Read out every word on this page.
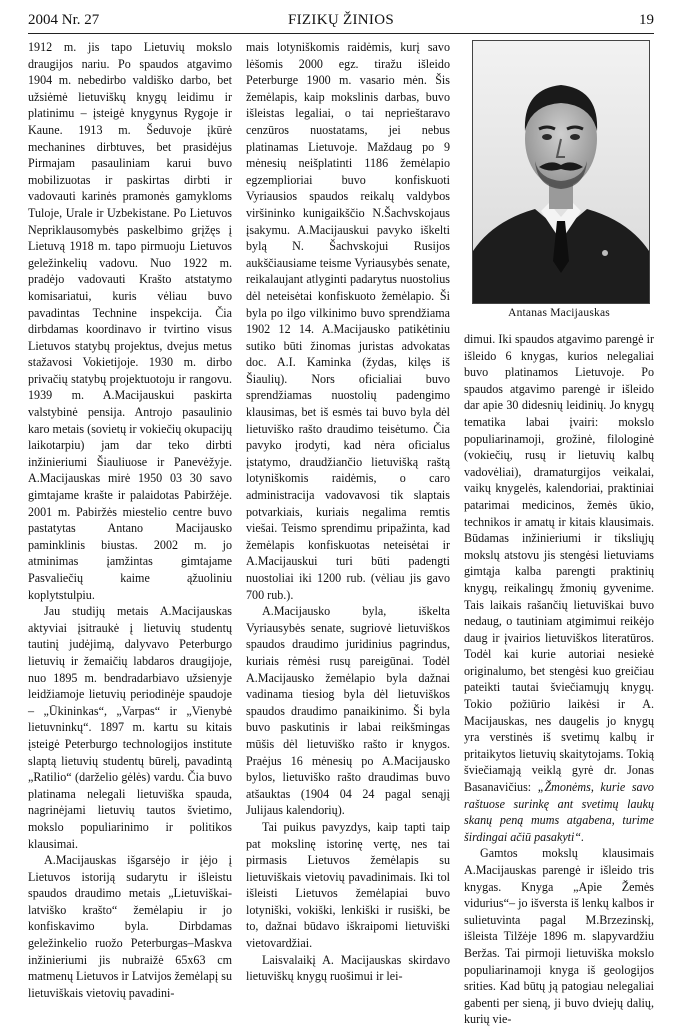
2004 Nr. 27	FIZIKŲ ŽINIOS	19

1912 m. jis tapo Lietuvių mokslo draugijos nariu. Po spaudos atgavimo 1904 m. nebedirbo valdiško darbo, bet užsiėmė lietuviškų knygų leidimu ir platinimu – įsteigė knygynus Rygoje ir Kaune. 1913 m. Šeduvoje įkūrė mechanines dirbtuves, bet prasidėjus Pirmajam pasauliniam karui buvo mobilizuotas ir paskirtas dirbti ir vadovauti karinės pramonės gamykloms Tuloje, Urale ir Uzbekistane. Po Lietuvos Nepriklausomybės paskelbimo grįžęs į Lietuvą 1918 m. tapo pirmuoju Lietuvos geležinkelių vadovu. Nuo 1922 m. pradėjo vadovauti Krašto atstatymo komisariatui, kuris vėliau buvo pavadintas Technine inspekcija. Čia dirbdamas koordinavo ir tvirtino visus Lietuvos statybų projektus, dvejus metus stažavosi Vokietijoje. 1930 m. dirbo privačių statybų projektuotoju ir rangovu. 1939 m. A.Macijauskui paskirta valstybinė pensija. Antrojo pasaulinio karo metais (sovietų ir vokiečių okupacijų laikotarpiu) jam dar teko dirbti inžinieriumi Šiauliuose ir Panevėžyje. A.Macijauskas mirė 1950 03 30 savo gimtajame krašte ir palaidotas Pabiržėje. 2001 m. Pabiržės miestelio centre buvo pastatytas Antano Macijausko paminklinis biustas. 2002 m. jo atminimas įamžintas gimtajame Pasvaliečių kaime ąžuoliniu koplytstulpiu.

Jau studijų metais A.Macijauskas aktyviai įsitraukė į lietuvių studentų tautinį judėjimą, dalyvavo Peterburgo lietuvių ir žemaičių labdaros draugijoje, nuo 1895 m. bendradarbiavo užsienyje leidžiamoje lietuvių periodinėje spaudoje – „Ūkininkas“, „Varpas“ ir „Vienybė lietuvninkų“. 1897 m. kartu su kitais įsteigė Peterburgo technologijos institute slaptą lietuvių studentų būrelį, pavadintą „Ratilio“ (darželio gėlės) vardu. Čia buvo platinama nelegali lietuviška spauda, nagrinėjami lietuvių tautos švietimo, mokslo populiarinimo ir politikos klausimai.

A.Macijauskas išgarsėjo ir įėjo į Lietuvos istoriją sudarytu ir išleistu spaudos draudimo metais „Lietuviškai-latviško krašto“ žemėlapiu ir jo konfiskavimo byla. Dirbdamas geležinkelio ruožo Peterburgas–Maskva inžinieriumi jis nubraižė 65x63 cm matmenų Lietuvos ir Latvijos žemėlapį su lietuviškais vietovių pavadini-

mais lotyniškomis raidėmis, kurį savo lėšomis 2000 egz. tiražu išleido Peterburge 1900 m. vasario mėn. Šis žemėlapis, kaip mokslinis darbas, buvo išleistas legaliai, o tai neprieštaravo cenzūros nuostatams, jei nebus platinamas Lietuvoje. Maždaug po 9 mėnesių neišplatinti 1186 žemėlapio egzemplioriai buvo konfiskuoti Vyriausios spaudos reikalų valdybos viršininko kunigaikščio N.Šachvskojaus įsakymu. A.Macijauskui pavyko iškelti bylą N. Šachvskojui Rusijos aukščiausiame teisme Vyriausybės senate, reikalaujant atlyginti padarytus nuostolius dėl neteisėtai konfiskuoto žemėlapio. Ši byla po ilgo vilkinimo buvo sprendžiama 1902 12 14. A.Macijausko patikėtiniu sutiko būti žinomas juristas advokatas doc. A.I. Kaminka (žydas, kilęs iš Šiaulių). Nors oficialiai buvo sprendžiamas nuostolių padengimo klausimas, bet iš esmės tai buvo byla dėl lietuviško rašto draudimo teisėtumo. Čia pavyko įrodyti, kad nėra oficialus įstatymo, draudžiančio lietuvišką raštą lotyniškomis raidėmis, o caro administracija vadovavosi tik slaptais potvarkiais, kuriais negalima remtis viešai. Teismo sprendimu pripažinta, kad žemėlapis konfiskuotas neteisėtai ir A.Macijauskui turi būti padengti nuostoliai iki 1200 rub. (vėliau jis gavo 700 rub.).

A.Macijausko byla, iškelta Vyriausybės senate, sugriovė lietuviškos spaudos draudimo juridinius pagrindus, kuriais rėmėsi rusų pareigūnai. Todėl A.Macijausko žemėlapio byla dažnai vadinama tiesiog byla dėl lietuviškos spaudos draudimo panaikinimo. Ši byla buvo paskutinis ir labai reikšmingas mūšis dėl lietuviško rašto ir knygos. Praėjus 16 mėnesių po A.Macijausko bylos, lietuviško rašto draudimas buvo atšauktas (1904 04 24 pagal senąjį Julijaus kalendorių).

Tai puikus pavyzdys, kaip tapti taip pat mokslinę istorinę vertę, nes tai pirmasis Lietuvos žemėlapis su lietuviškais vietovių pavadinimais. Iki tol išleisti Lietuvos žemėlapiai buvo lotyniški, vokiški, lenkiški ir rusiški, be to, dažnai būdavo iškraipomi lietuviški vietovardžiai.

Laisvalaikį A. Macijauskas skirdavo lietuviškų knygų ruošimui ir lei-

Antanas Macijauskas

dimui. Iki spaudos atgavimo parengė ir išleido 6 knygas, kurios nelegaliai buvo platinamos Lietuvoje. Po spaudos atgavimo parengė ir išleido dar apie 30 didesnių leidinių. Jo knygų tematika labai įvairi: mokslo populiarinamoji, grožinė, filologinė (vokiečių, rusų ir lietuvių kalbų vadovėliai), dramaturgijos veikalai, vaikų knygelės, kalendoriai, praktiniai patarimai medicinos, žemės ūkio, technikos ir amatų ir kitais klausimais. Būdamas inžinieriumi ir tiksliųjų mokslų atstovu jis stengėsi lietuviams gimtąja kalba parengti praktinių knygų, reikalingų žmonių gyvenime. Tais laikais rašančių lietuviškai buvo nedaug, o tautiniam atgimimui reikėjo daug ir įvairios lietuviškos literatūros. Todėl kai kurie autoriai nesiekė originalumo, bet stengėsi kuo greičiau pateikti tautai šviečiamųjų knygų. Tokio požiūrio laikėsi ir A. Macijauskas, nes daugelis jo knygų yra verstinės iš svetimų kalbų ir pritaikytos lietuvių skaitytojams. Tokią šviečiamąją veiklą gyrė dr. Jonas Basanavičius: „Žmonėms, kurie savo raštuose surinkę ant svetimų laukų skanų peną mums atgabena, turime širdingai ačiū pasakyti“.

Gamtos mokslų klausimais A.Macijauskas parengė ir išleido tris knygas. Knyga „Apie Žemės vidurius“– jo išversta iš lenkų kalbos ir sulietuvinta pagal M.Brzezinskį, išleista Tilžėje 1896 m. slapyvardžiu Beržas. Tai pirmoji lietuviška mokslo populiarinamoji knyga iš geologijos srities. Kad būtų ją patogiau nelegaliai gabenti per sieną, ji buvo dviejų dalių, kurių vie-
